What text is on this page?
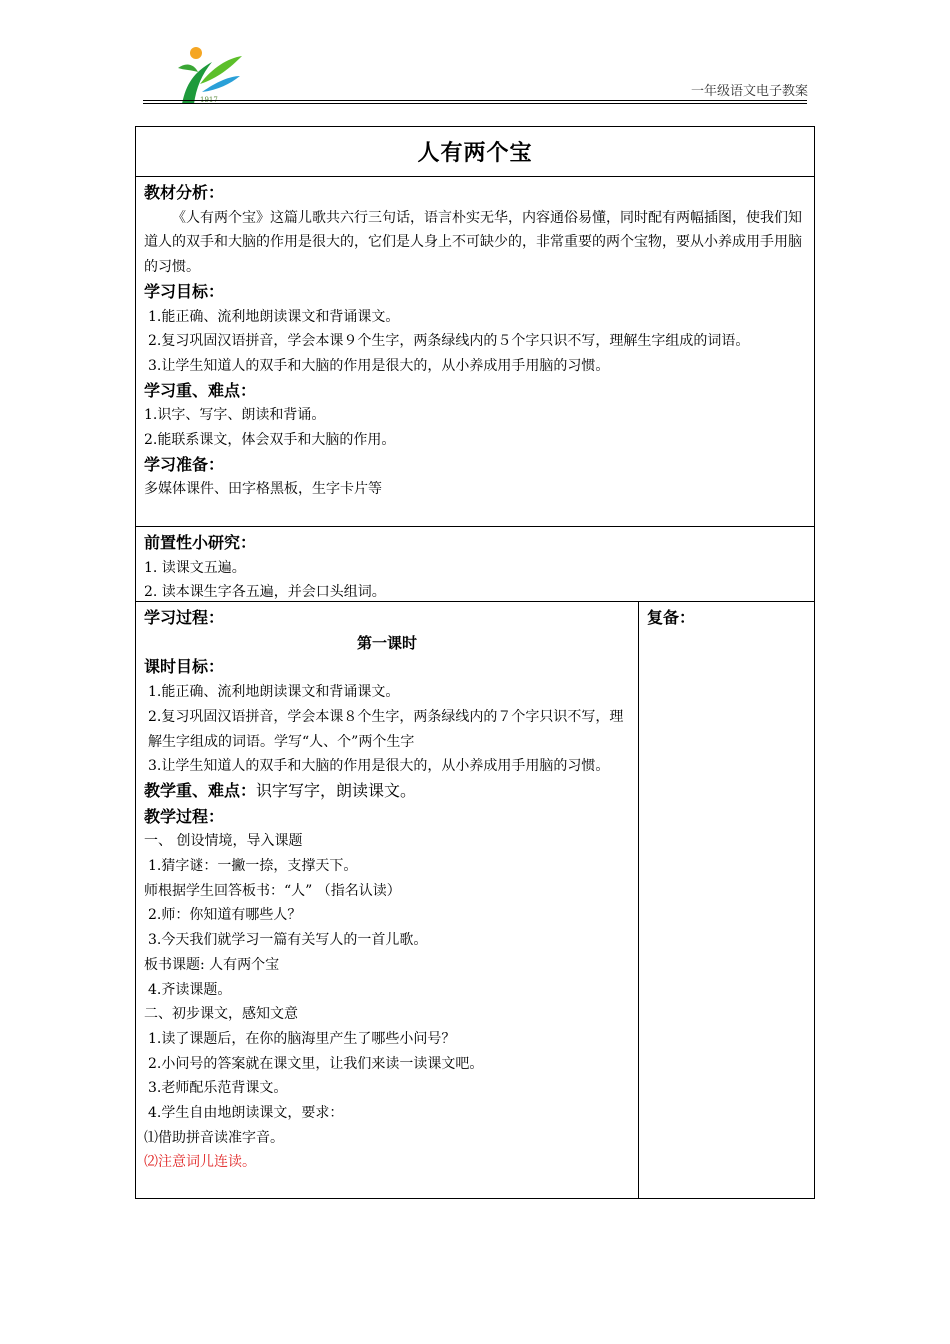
1917
一年级语文电子教案
人有两个宝
教材分析：
《人有两个宝》这篇儿歌共六行三句话，语言朴实无华，内容通俗易懂，同时配有两幅插图，使我们知道人的双手和大脑的作用是很大的，它们是人身上不可缺少的，非常重要的两个宝物，要从小养成用手用脑的习惯。
学习目标：
1.能正确、流利地朗读课文和背诵课文。
2.复习巩固汉语拼音，学会本课９个生字，两条绿线内的５个字只识不写，理解生字组成的词语。
3.让学生知道人的双手和大脑的作用是很大的，从小养成用手用脑的习惯。
学习重、难点：
1.识字、写字、朗读和背诵。
2.能联系课文，体会双手和大脑的作用。
学习准备：
多媒体课件、田字格黑板，生字卡片等
前置性小研究：
1. 读课文五遍。
2. 读本课生字各五遍，并会口头组词。
学习过程：
第一课时
课时目标：
1.能正确、流利地朗读课文和背诵课文。
2.复习巩固汉语拼音，学会本课８个生字，两条绿线内的７个字只识不写，理解生字组成的词语。学写“人、个”两个生字
3.让学生知道人的双手和大脑的作用是很大的，从小养成用手用脑的习惯。
教学重、难点：识字写字，朗读课文。
教学过程：
一、 创设情境，导入课题
1.猜字谜：一撇一捺，支撑天下。
师根据学生回答板书：“人” （指名认读）
2.师：你知道有哪些人？
3.今天我们就学习一篇有关写人的一首儿歌。
板书课题: 人有两个宝
4.齐读课题。
二、初步课文，感知文意
1.读了课题后，在你的脑海里产生了哪些小问号？
2.小问号的答案就在课文里，让我们来读一读课文吧。
3.老师配乐范背课文。
4.学生自由地朗读课文，要求：
⑴借助拼音读准字音。
⑵注意词儿连读。
复备：
